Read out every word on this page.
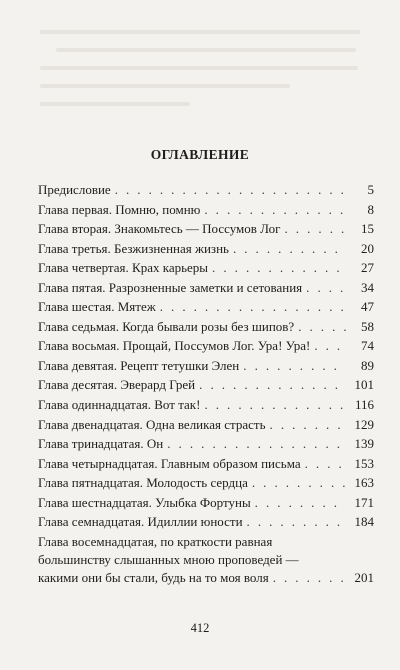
ОГЛАВЛЕНИЕ
Предисловие . . .	5
Глава первая. Помню, помню . . .	8
Глава вторая. Знакомьтесь — Поссумов Лог . . .	15
Глава третья. Безжизненная жизнь . . .	20
Глава четвертая. Крах карьеры . . .	27
Глава пятая. Разрозненные заметки и сетования . . .	34
Глава шестая. Мятеж . . .	47
Глава седьмая. Когда бывали розы без шипов? . . .	58
Глава восьмая. Прощай, Поссумов Лог. Ура! Ура! . . .	74
Глава девятая. Рецепт тетушки Элен . . .	89
Глава десятая. Эверард Грей . . .	101
Глава одиннадцатая. Вот так! . . .	116
Глава двенадцатая. Одна великая страсть . . .	129
Глава тринадцатая. Он . . .	139
Глава четырнадцатая. Главным образом письма . . .	153
Глава пятнадцатая. Молодость сердца . . .	163
Глава шестнадцатая. Улыбка Фортуны . . .	171
Глава семнадцатая. Идиллии юности . . .	184
Глава восемнадцатая, по краткости равная
большинству слышанных мною проповедей —
какими они бы стали, будь на то моя воля . . .	201
412
